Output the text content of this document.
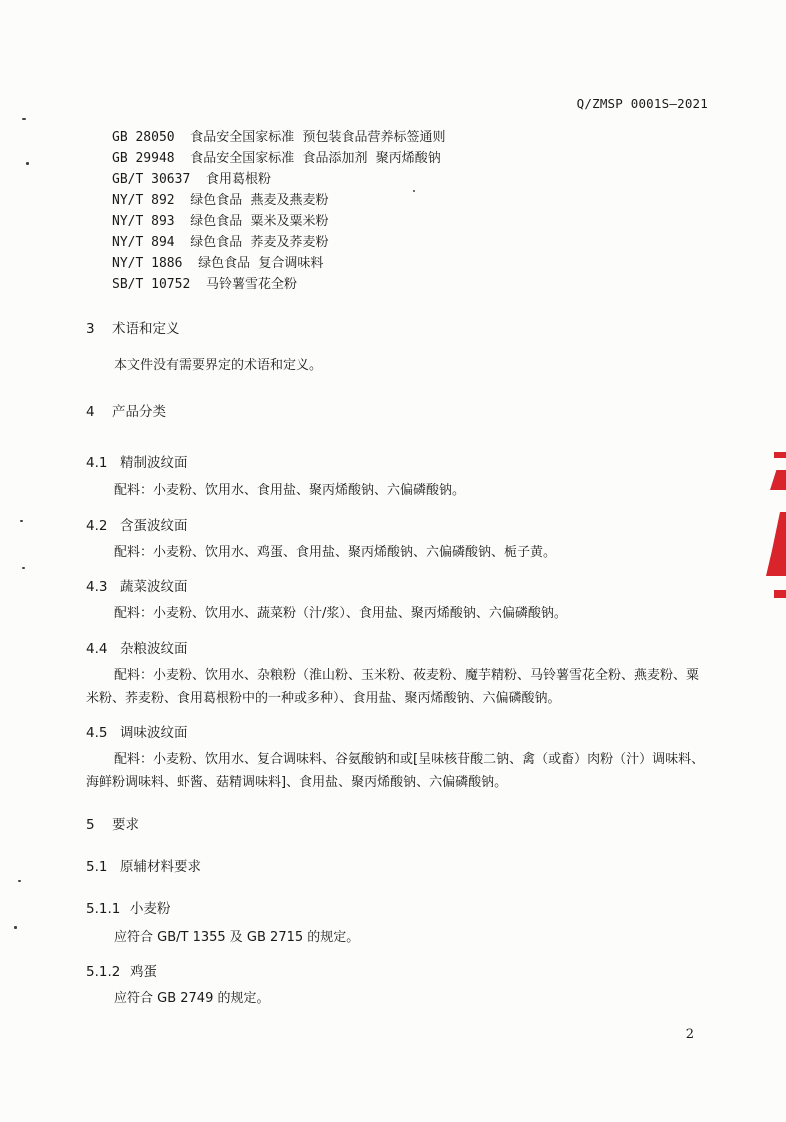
Q/ZMSP 0001S—2021
GB 28050 食品安全国家标准  预包装食品营养标签通则
GB 29948 食品安全国家标准  食品添加剂  聚丙烯酸钠
GB/T 30637 食用葛根粉
NY/T 892 绿色食品  燕麦及燕麦粉
NY/T 893 绿色食品  粟米及粟米粉
NY/T 894 绿色食品  荞麦及荞麦粉
NY/T 1886 绿色食品  复合调味料
SB/T 10752 马铃薯雪花全粉
3 术语和定义
本文件没有需要界定的术语和定义。
4 产品分类
4.1 精制波纹面
配料：小麦粉、饮用水、食用盐、聚丙烯酸钠、六偏磷酸钠。
4.2 含蛋波纹面
配料：小麦粉、饮用水、鸡蛋、食用盐、聚丙烯酸钠、六偏磷酸钠、栀子黄。
4.3 蔬菜波纹面
配料：小麦粉、饮用水、蔬菜粉（汁/浆）、食用盐、聚丙烯酸钠、六偏磷酸钠。
4.4 杂粮波纹面
配料：小麦粉、饮用水、杂粮粉（淮山粉、玉米粉、莜麦粉、魔芋精粉、马铃薯雪花全粉、燕麦粉、粟米粉、荞麦粉、食用葛根粉中的一种或多种）、食用盐、聚丙烯酸钠、六偏磷酸钠。
4.5 调味波纹面
配料：小麦粉、饮用水、复合调味料、谷氨酸钠和或[呈味核苷酸二钠、禽（或畜）肉粉（汁）调味料、海鲜粉调味料、虾酱、菇精调味料]、食用盐、聚丙烯酸钠、六偏磷酸钠。
5 要求
5.1 原辅材料要求
5.1.1 小麦粉
应符合 GB/T 1355 及 GB 2715 的规定。
5.1.2 鸡蛋
应符合 GB 2749 的规定。
2
